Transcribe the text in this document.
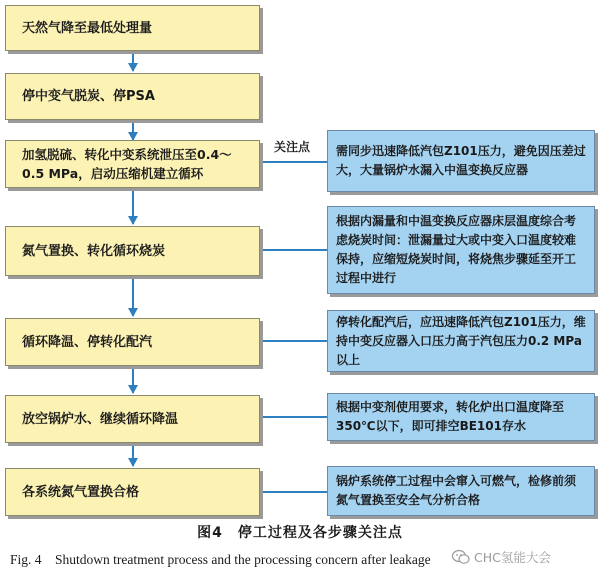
天然气降至最低处理量
停中变气脱炭、停PSA
加氢脱硫、转化中变系统泄压至0.4～0.5 MPa，启动压缩机建立循环
氮气置换、转化循环烧炭
循环降温、停转化配汽
放空锅炉水、继续循环降温
各系统氮气置换合格
关注点	需同步迅速降低汽包Z101压力，避免因压差过大，大量锅炉水漏入中温变换反应器
根据内漏量和中温变换反应器床层温度综合考虑烧炭时间：泄漏量过大或中变入口温度较难保持，应缩短烧炭时间，将烧焦步骤延至开工过程中进行
停转化配汽后，应迅速降低汽包Z101压力，维持中变反应器入口压力高于汽包压力0.2 MPa以上
根据中变剂使用要求，转化炉出口温度降至350℃以下，即可排空BE101存水
锅炉系统停工过程中会窜入可燃气，检修前须氮气置换至安全气分析合格
图4　停工过程及各步骤关注点
Fig. 4　Shutdown treatment process and the processing concern after leakage	CHC氢能大会
